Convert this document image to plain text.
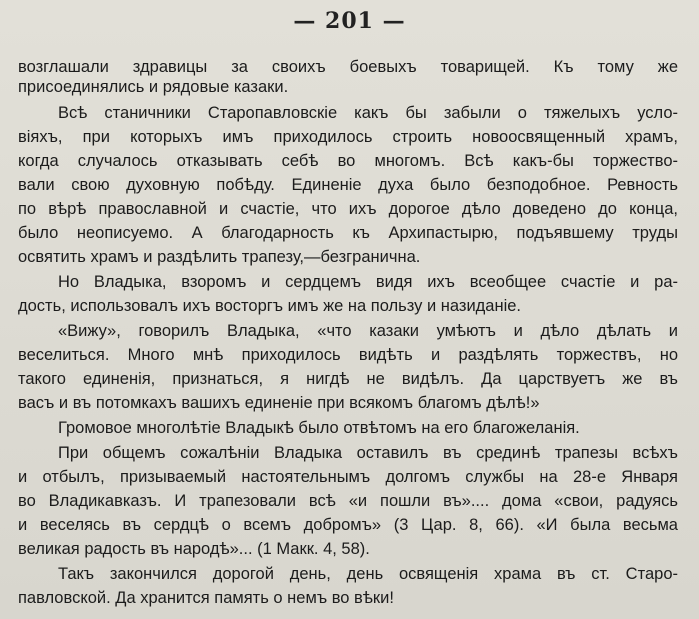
— 201 —
возглашали здравицы за своихъ боевыхъ товарищей. Къ тому же
присоединялись и рядовые казаки.
Всѣ станичники Старопавловскіе какъ бы забыли о тяжелыхъ усло-
віяхъ, при которыхъ имъ приходилось строить новоосвященный храмъ,
когда случалось отказывать себѣ во многомъ. Всѣ какъ-бы торжество-
вали свою духовную побѣду. Единеніе духа было безподобное. Ревность
по вѣрѣ православной и счастіе, что ихъ дорогое дѣло доведено до конца,
было неописуемо. А благодарность къ Архипастырю, подъявшему труды
освятить храмъ и раздѣлить трапезу,—безгранична.
Но Владыка, взоромъ и сердцемъ видя ихъ всеобщее счастіе и ра-
дость, использовалъ ихъ восторгъ имъ же на пользу и назиданіе.
«Вижу», говорилъ Владыка, «что казаки умѣютъ и дѣло дѣлать и
веселиться. Много мнѣ приходилось видѣть и раздѣлять торжествъ, но
такого единенія, признаться, я нигдѣ не видѣлъ. Да царствуетъ же въ
васъ и въ потомкахъ вашихъ единеніе при всякомъ благомъ дѣлѣ!»
Громовое многолѣтіе Владыкѣ было отвѣтомъ на его благожеланія.
При общемъ сожалѣніи Владыка оставилъ въ срединѣ трапезы всѣхъ
и отбылъ, призываемый настоятельнымъ долгомъ службы на 28-е Января
во Владикавказъ. И трапезовали всѣ «и пошли въ».... дома «свои, радуясь
и веселясь въ сердцѣ о всемъ добромъ» (3 Цар. 8, 66). «И была весьма
великая радость въ народѣ»... (1 Макк. 4, 58).
Такъ закончился дорогой день, день освященія храма въ ст. Старо-
павловской. Да хранится память о немъ во вѣки!
